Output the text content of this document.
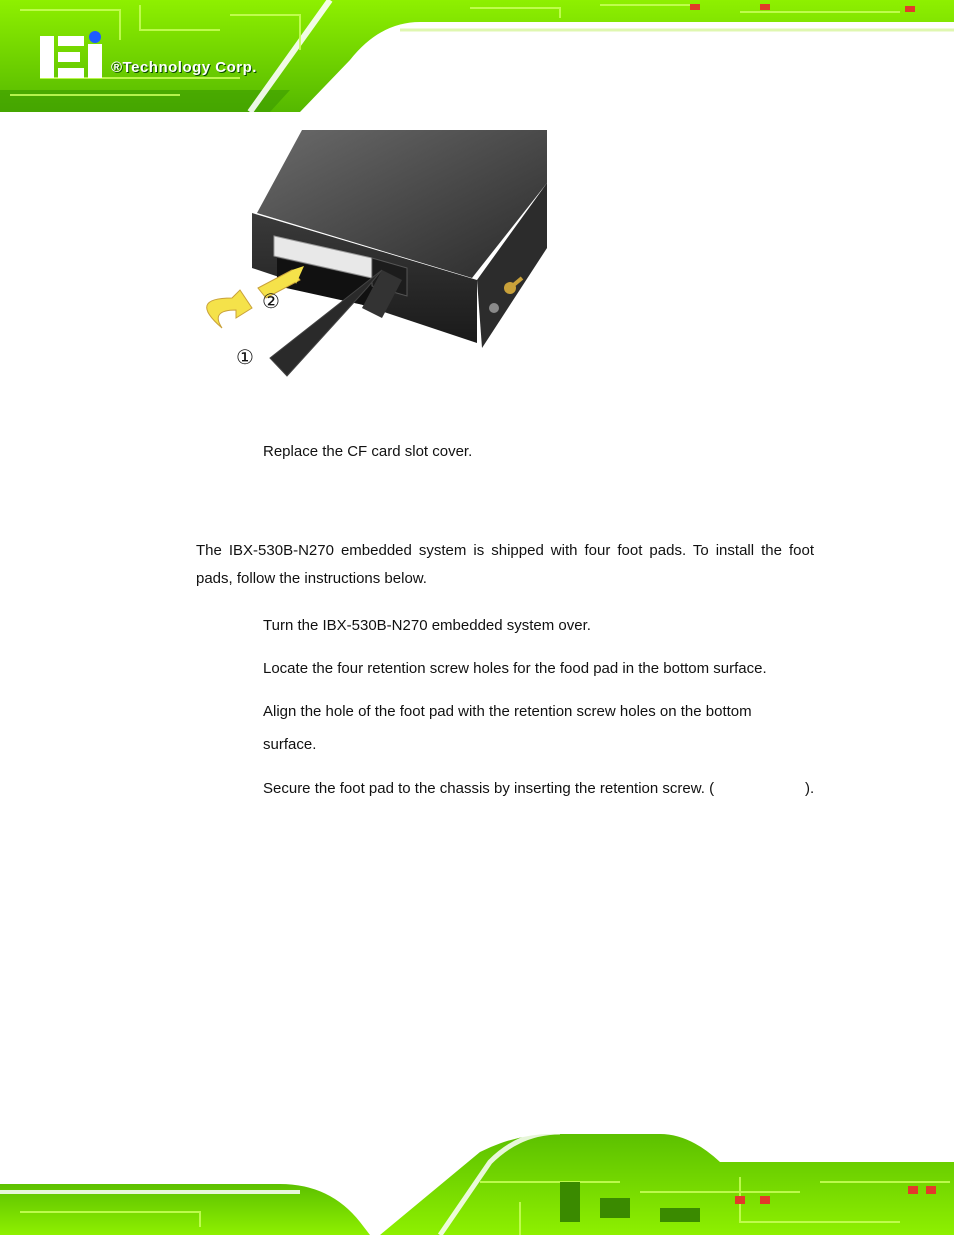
®Technology Corp.
①
②
Replace the CF card slot cover.
The IBX-530B-N270 embedded system is shipped with four foot pads. To install the foot pads, follow the instructions below.
Turn the IBX-530B-N270 embedded system over.
Locate the four retention screw holes for the food pad in the bottom surface.
Align the hole of the foot pad with the retention screw holes on the bottom
surface.
Secure the foot pad to the chassis by inserting the retention screw. (	).
